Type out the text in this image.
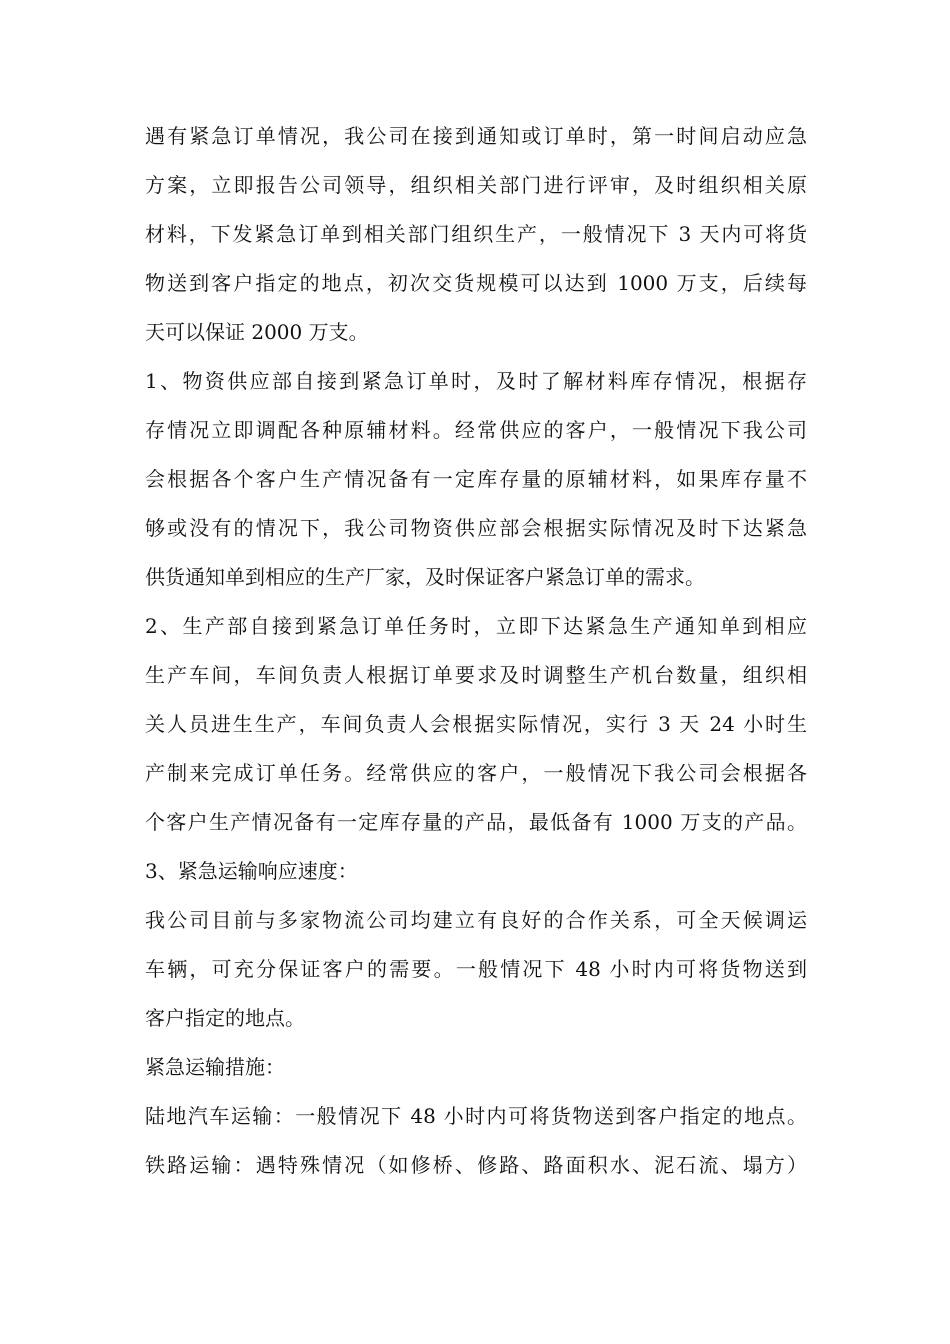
遇有紧急订单情况，我公司在接到通知或订单时，第一时间启动应急
方案，立即报告公司领导，组织相关部门进行评审，及时组织相关原
材料，下发紧急订单到相关部门组织生产，一般情况下 3 天内可将货
物送到客户指定的地点，初次交货规模可以达到 1000 万支，后续每
天可以保证 2000 万支。
1、物资供应部自接到紧急订单时，及时了解材料库存情况，根据存
存情况立即调配各种原辅材料。经常供应的客户，一般情况下我公司
会根据各个客户生产情况备有一定库存量的原辅材料，如果库存量不
够或没有的情况下，我公司物资供应部会根据实际情况及时下达紧急
供货通知单到相应的生产厂家，及时保证客户紧急订单的需求。
2、生产部自接到紧急订单任务时，立即下达紧急生产通知单到相应
生产车间，车间负责人根据订单要求及时调整生产机台数量，组织相
关人员进生生产，车间负责人会根据实际情况，实行 3 天 24 小时生
产制来完成订单任务。经常供应的客户，一般情况下我公司会根据各
个客户生产情况备有一定库存量的产品，最低备有 1000 万支的产品。
3、紧急运输响应速度：
我公司目前与多家物流公司均建立有良好的合作关系，可全天候调运
车辆，可充分保证客户的需要。一般情况下 48 小时内可将货物送到
客户指定的地点。
紧急运输措施：
陆地汽车运输：一般情况下 48 小时内可将货物送到客户指定的地点。
铁路运输：遇特殊情况（如修桥、修路、路面积水、泥石流、塌方）
